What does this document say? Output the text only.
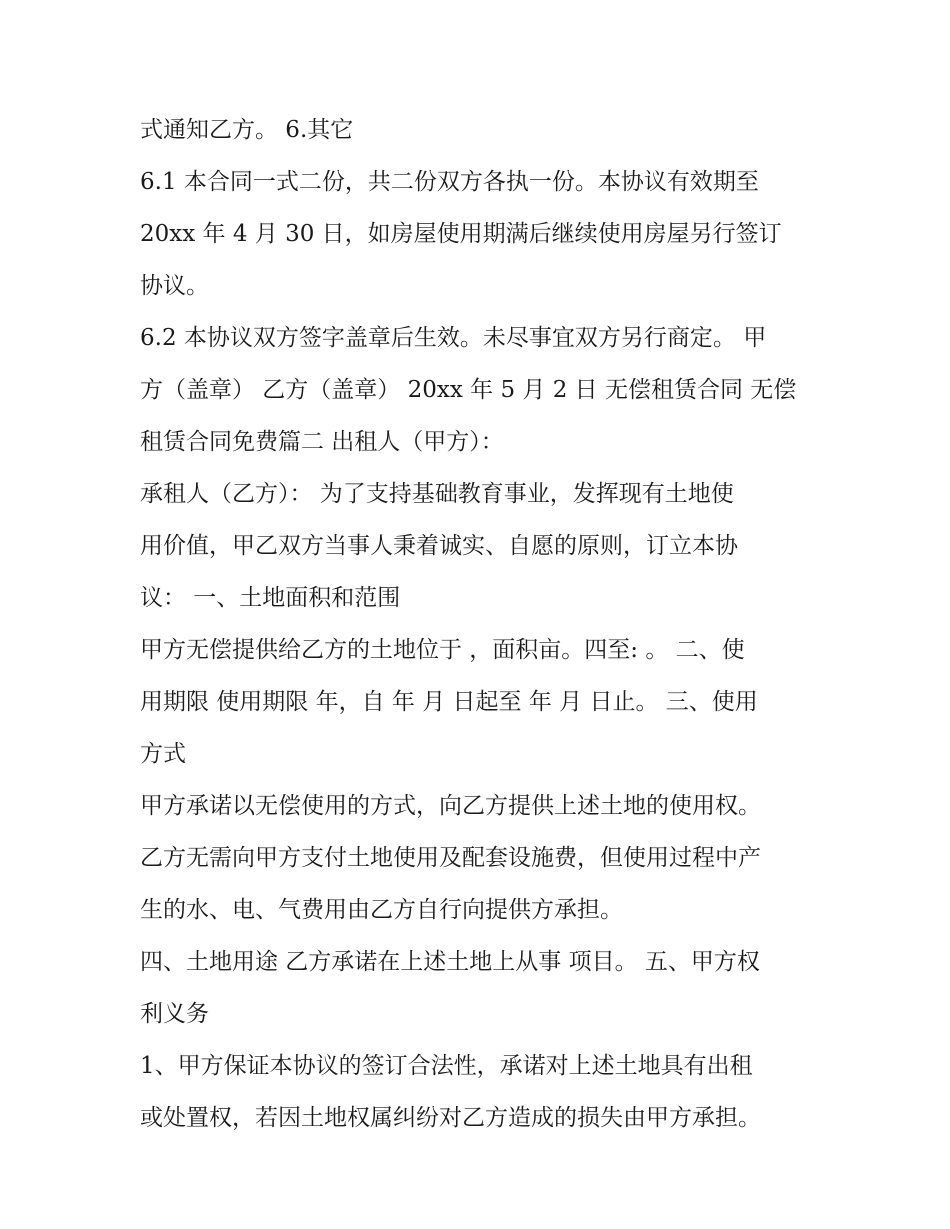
式通知乙方。 6.其它
6.1 本合同一式二份，共二份双方各执一份。本协议有效期至
20xx 年 4 月 30 日，如房屋使用期满后继续使用房屋另行签订
协议。
6.2 本协议双方签字盖章后生效。未尽事宜双方另行商定。 甲
方（盖章） 乙方（盖章） 20xx 年 5 月 2 日 无偿租赁合同 无偿
租赁合同免费篇二 出租人（甲方）：
承租人（乙方）： 为了支持基础教育事业，发挥现有土地使
用价值，甲乙双方当事人秉着诚实、自愿的原则，订立本协
议： 一、土地面积和范围
甲方无偿提供给乙方的土地位于 ，面积亩。四至: 。 二、使
用期限 使用期限 年，自 年 月 日起至 年 月 日止。 三、使用
方式
甲方承诺以无偿使用的方式，向乙方提供上述土地的使用权。
乙方无需向甲方支付土地使用及配套设施费，但使用过程中产
生的水、电、气费用由乙方自行向提供方承担。
四、土地用途 乙方承诺在上述土地上从事 项目。 五、甲方权
利义务
1、甲方保证本协议的签订合法性，承诺对上述土地具有出租
或处置权，若因土地权属纠纷对乙方造成的损失由甲方承担。
